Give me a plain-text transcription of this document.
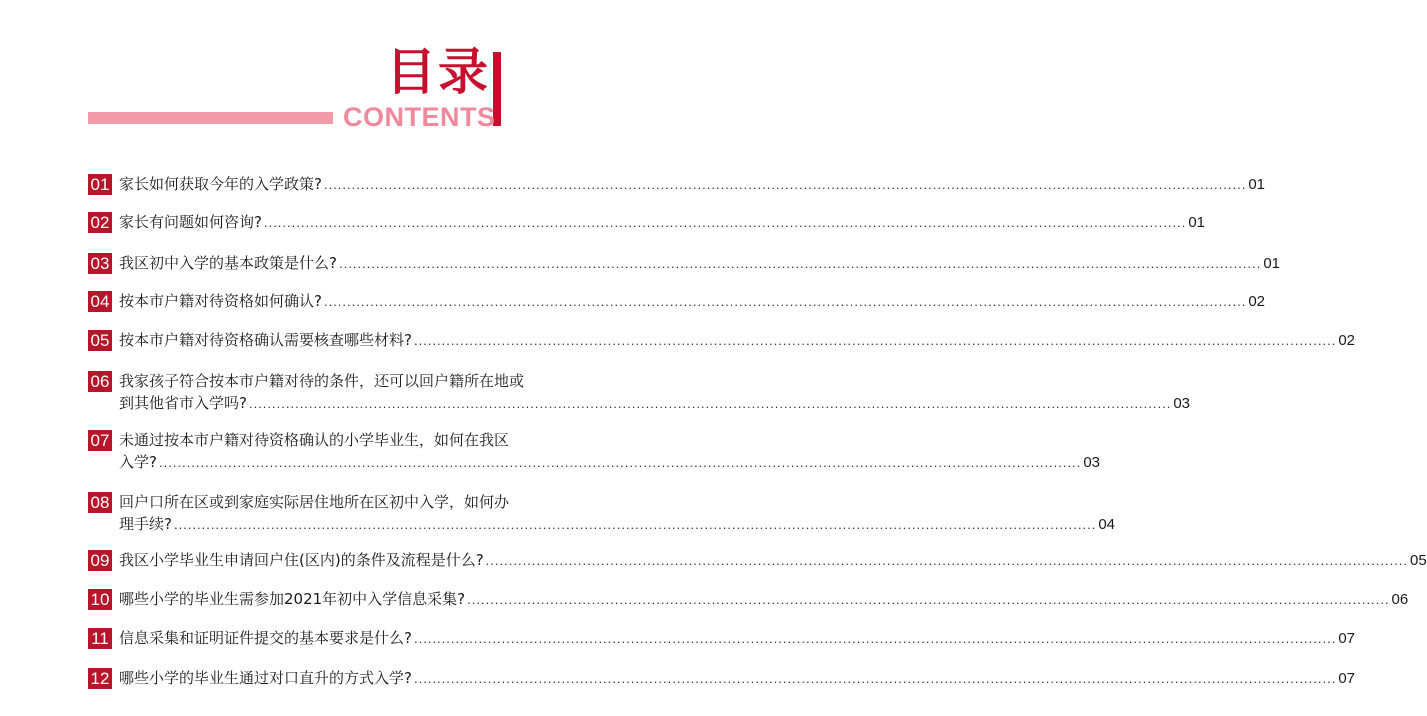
目录
CONTENTS
01 家长如何获取今年的入学政策? ........................................................................................................................................................................................................ 01
02 家长有问题如何咨询? ........................................................................................................................................................................................................ 01
03 我区初中入学的基本政策是什么? ........................................................................................................................................................................................................ 01
04 按本市户籍对待资格如何确认? ........................................................................................................................................................................................................ 02
05 按本市户籍对待资格确认需要核查哪些材料? ........................................................................................................................................................................................................ 02
06 我家孩子符合按本市户籍对待的条件，还可以回户籍所在地或
到其他省市入学吗? ........................................................................................................................................................................................................ 03
07 未通过按本市户籍对待资格确认的小学毕业生，如何在我区
入学? ........................................................................................................................................................................................................ 03
08 回户口所在区或到家庭实际居住地所在区初中入学，如何办
理手续? ........................................................................................................................................................................................................ 04
09 我区小学毕业生申请回户住(区内)的条件及流程是什么? ........................................................................................................................................................................................................ 05
10 哪些小学的毕业生需参加2021年初中入学信息采集? ........................................................................................................................................................................................................ 06
11 信息采集和证明证件提交的基本要求是什么? ........................................................................................................................................................................................................ 07
12 哪些小学的毕业生通过对口直升的方式入学? ........................................................................................................................................................................................................ 07
